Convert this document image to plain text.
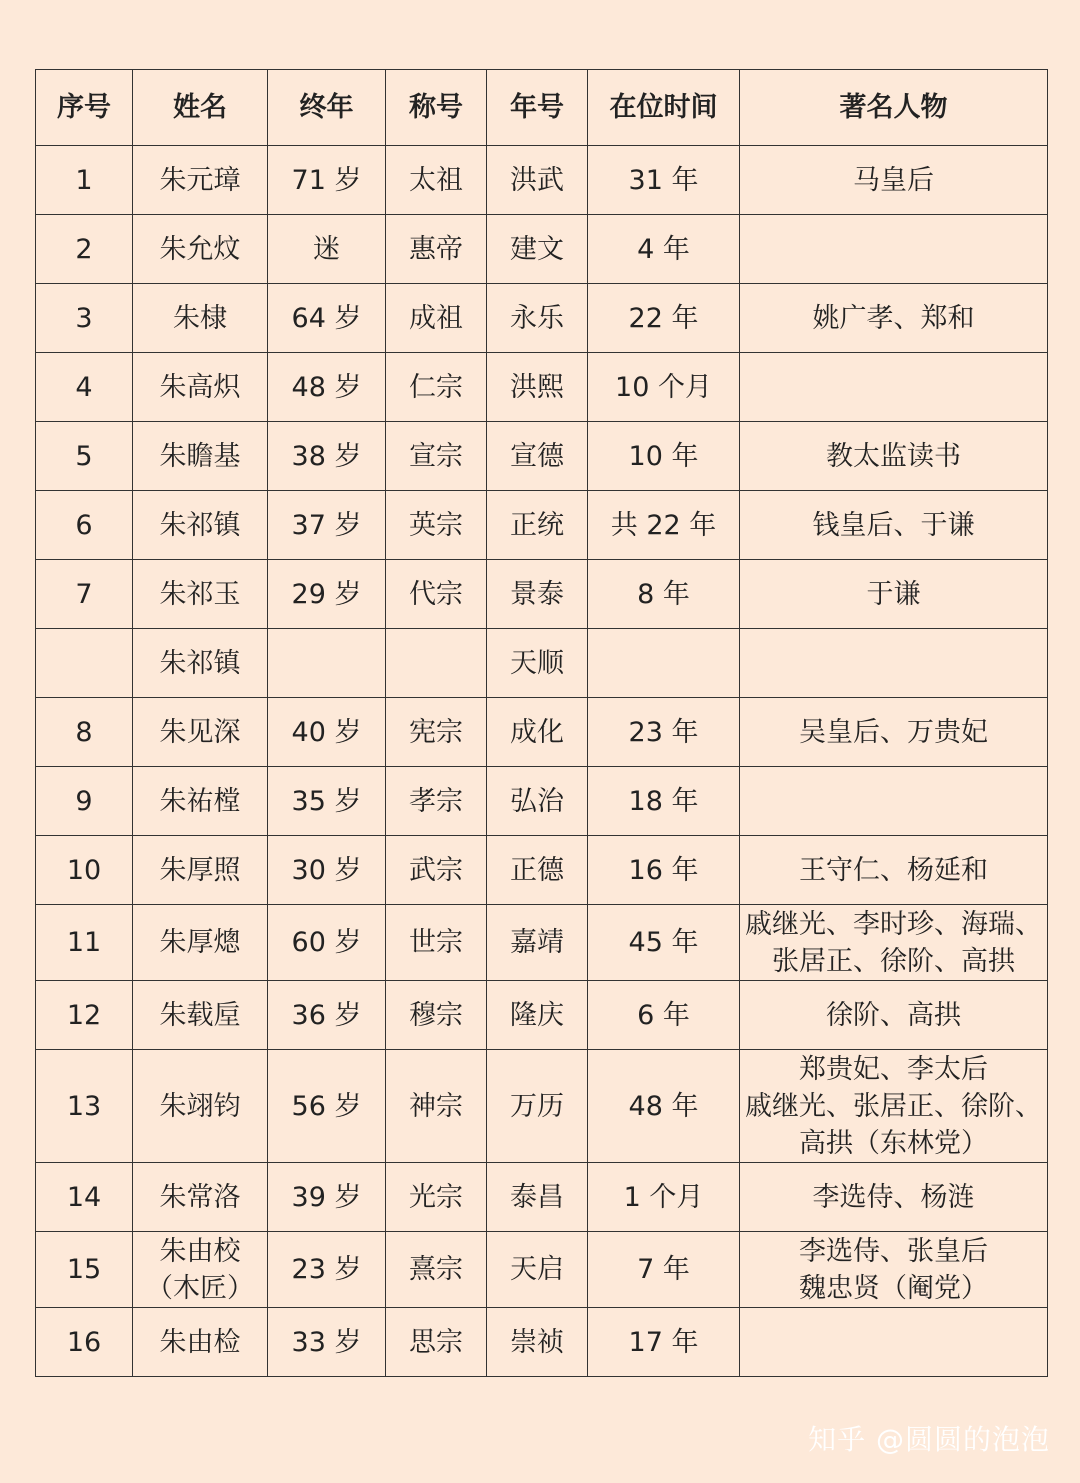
序号	姓名	终年	称号	年号	在位时间	著名人物
1	朱元璋	71 岁	太祖	洪武	31 年	马皇后

2	朱允炆	迷	惠帝	建文	4 年	
3	朱棣	64 岁	成祖	永乐	22 年	姚广孝、郑和

4	朱高炽	48 岁	仁宗	洪熙	10 个月	
5	朱瞻基	38 岁	宣宗	宣德	10 年	教太监读书

6	朱祁镇	37 岁	英宗	正统	共 22 年	钱皇后、于谦

7	朱祁玉	29 岁	代宗	景泰	8 年	于谦

	朱祁镇			天顺		
8	朱见深	40 岁	宪宗	成化	23 年	吴皇后、万贵妃

9	朱祐樘	35 岁	孝宗	弘治	18 年	
10	朱厚照	30 岁	武宗	正德	16 年	王守仁、杨延和

11	朱厚熜	60 岁	世宗	嘉靖	45 年	戚继光、李时珍、海瑞、
张居正、徐阶、高拱

12	朱载垕	36 岁	穆宗	隆庆	6 年	徐阶、高拱

13	朱翊钧	56 岁	神宗	万历	48 年	郑贵妃、李太后
戚继光、张居正、徐阶、
高拱（东林党）

14	朱常洛	39 岁	光宗	泰昌	1 个月	李选侍、杨涟

15	朱由校
（木匠）	23 岁	熹宗	天启	7 年	李选侍、张皇后
魏忠贤（阉党）

16	朱由检	33 岁	思宗	崇祯	17 年	
知乎 @圆圆的泡泡
